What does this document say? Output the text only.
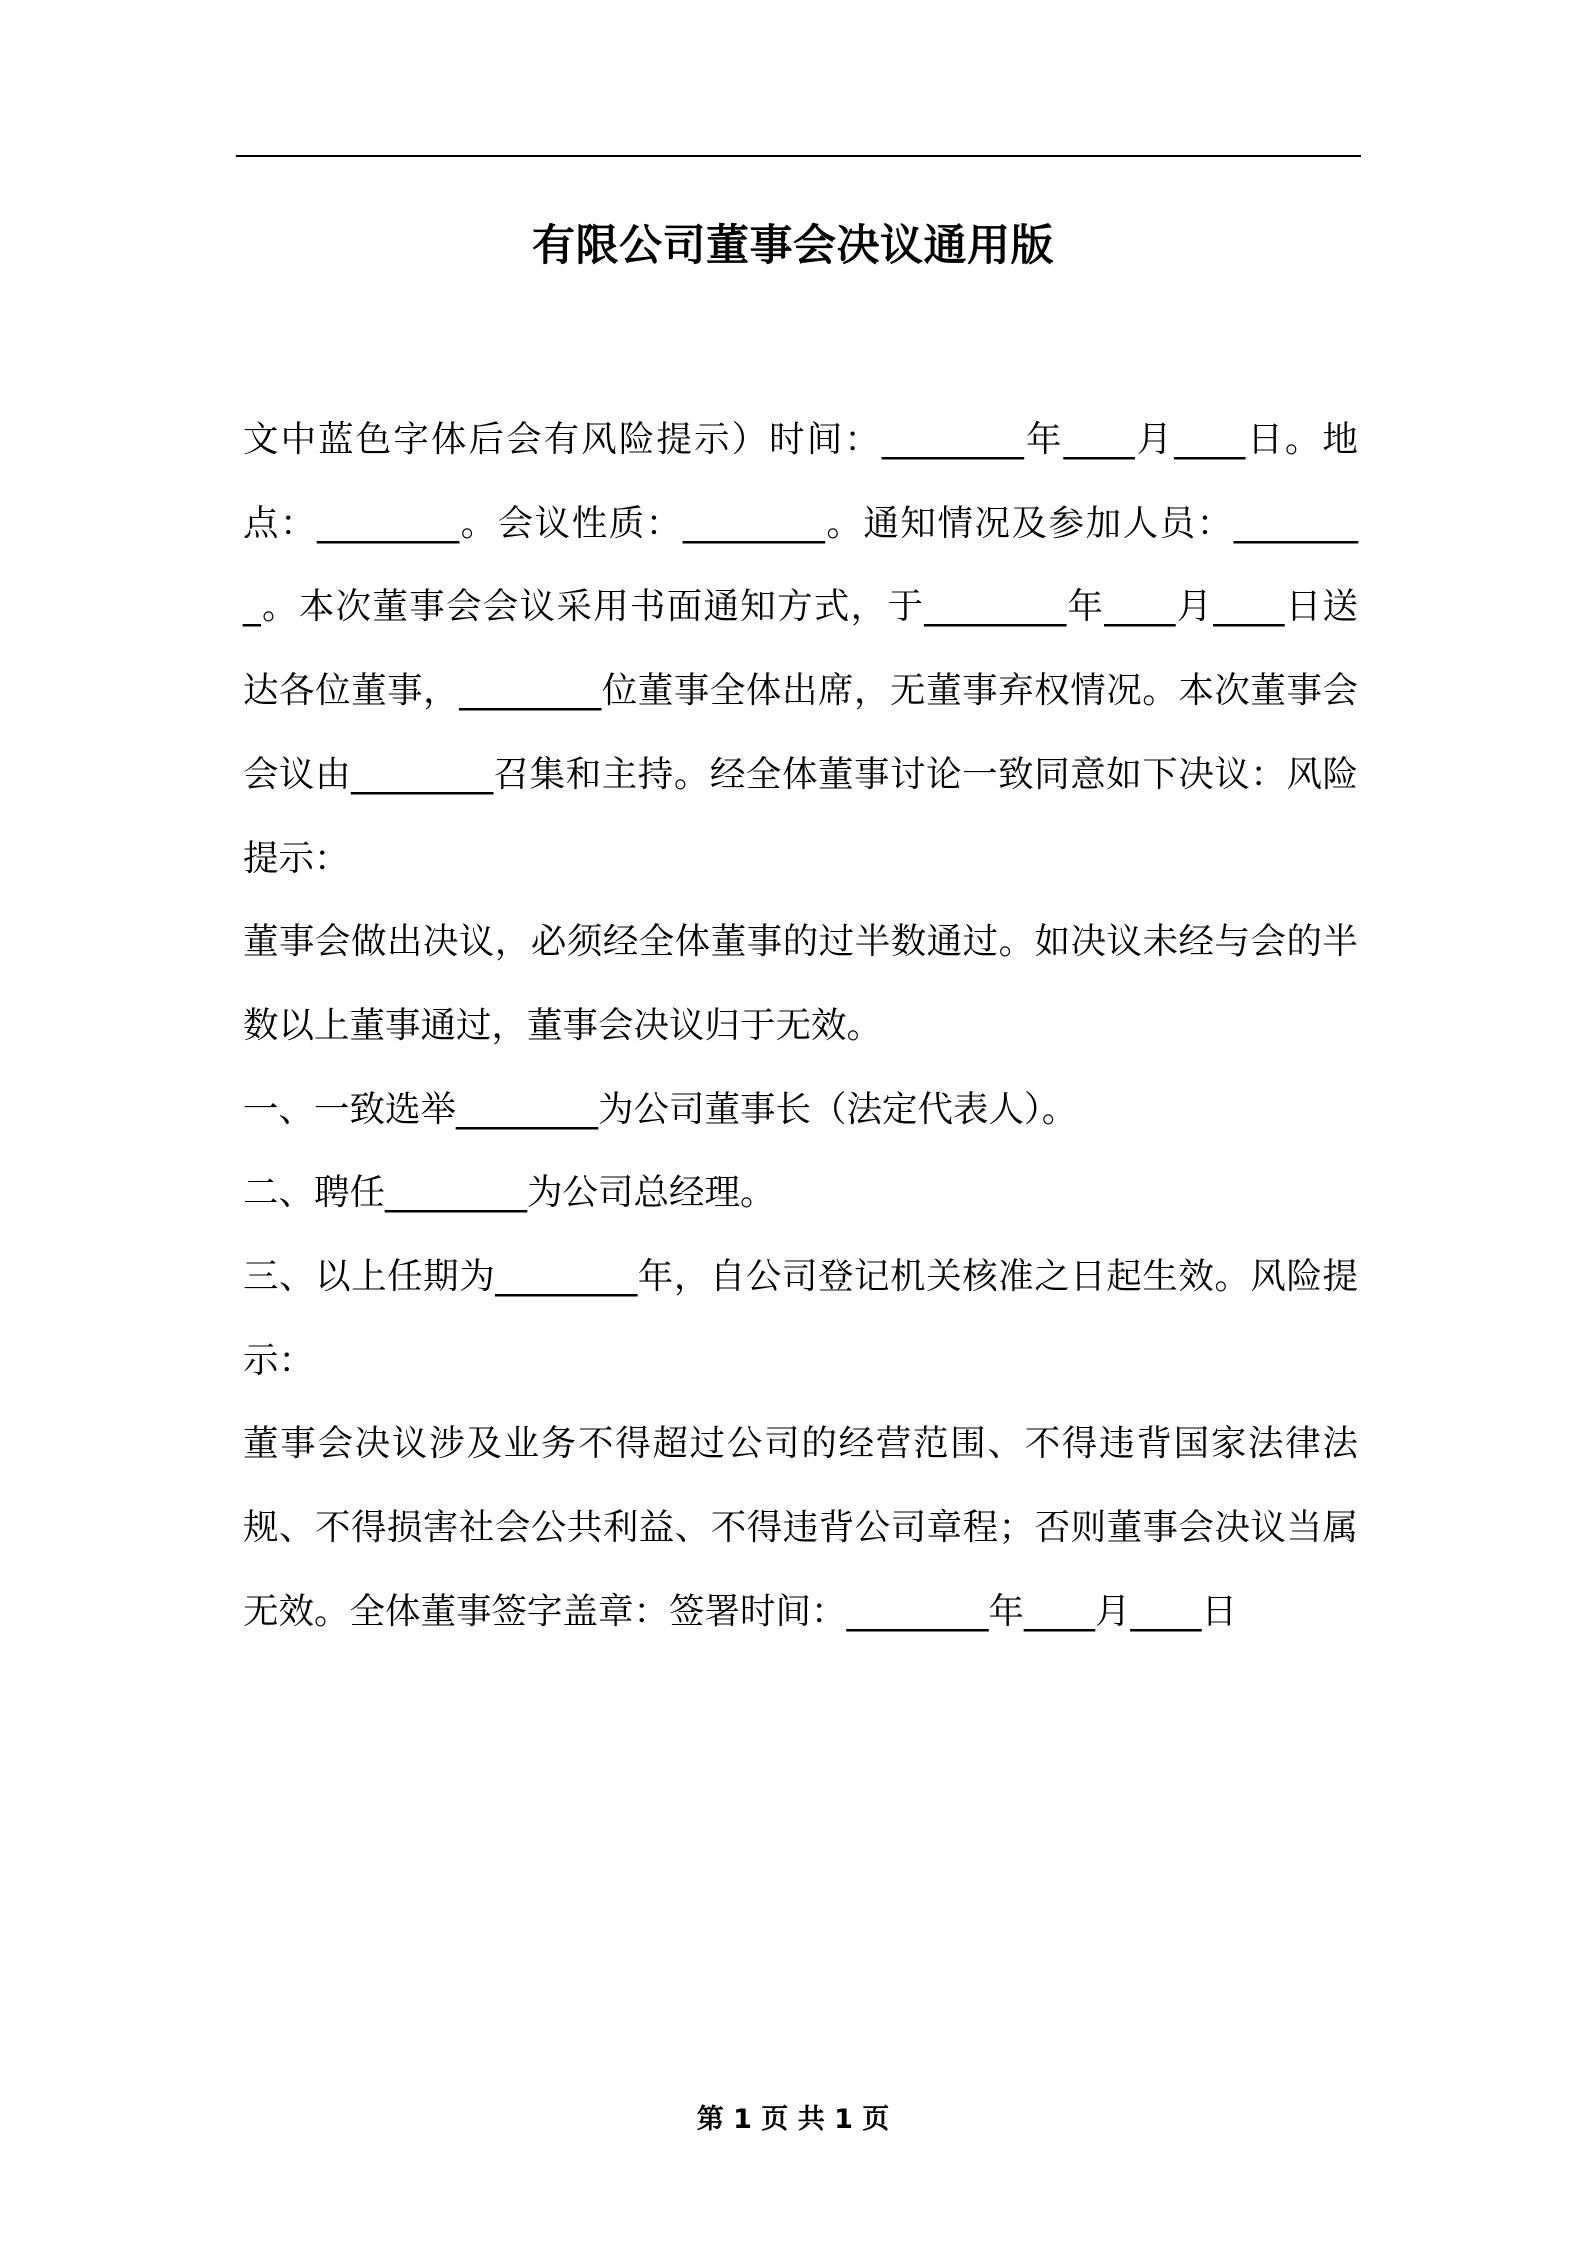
有限公司董事会决议通用版

文中蓝色字体后会有风险提示）时间：________年____月____日。地点：________。会议性质：________。通知情况及参加人员：________。本次董事会会议采用书面通知方式，于________年____月____日送达各位董事，________位董事全体出席，无董事弃权情况。本次董事会会议由________召集和主持。经全体董事讨论一致同意如下决议：风险提示：

董事会做出决议，必须经全体董事的过半数通过。如决议未经与会的半数以上董事通过，董事会决议归于无效。

一、一致选举________为公司董事长（法定代表人）。

二、聘任________为公司总经理。

三、以上任期为________年，自公司登记机关核准之日起生效。风险提示：

董事会决议涉及业务不得超过公司的经营范围、不得违背国家法律法规、不得损害社会公共利益、不得违背公司章程；否则董事会决议当属无效。全体董事签字盖章：签署时间：________年____月____日

第 1 页 共 1 页
